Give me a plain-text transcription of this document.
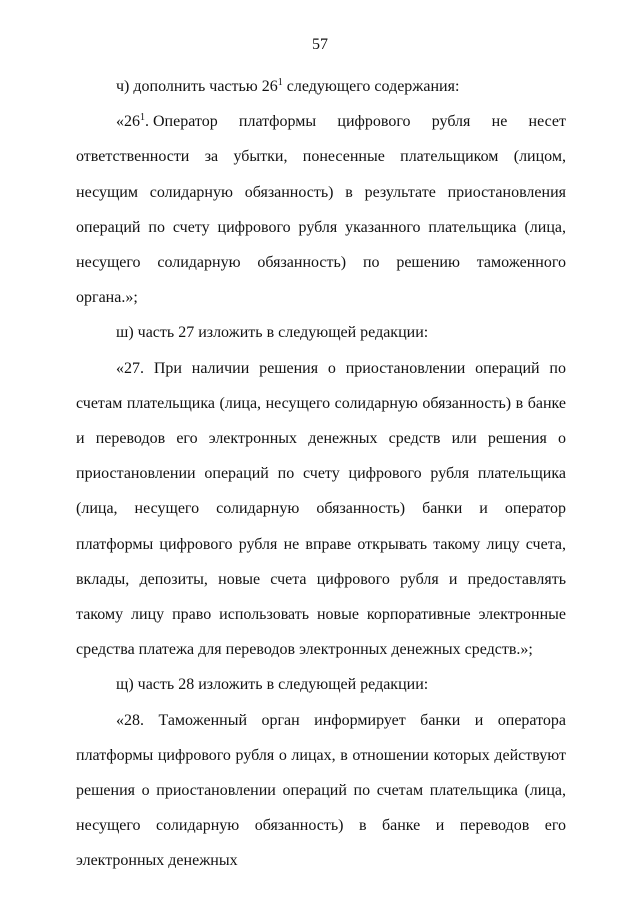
57

ч) дополнить частью $26^1$ следующего содержания:

«$26^1$. Оператор платформы цифрового рубля не несет

ответственности за убытки, понесенные плательщиком (лицом, несущим солидарную обязанность) в результате приостановления операций по счету цифрового рубля указанного плательщика (лица, несущего солидарную обязанность) по решению таможенного органа.»;

ш) часть 27 изложить в следующей редакции:

«27. При наличии решения о приостановлении операций по счетам плательщика (лица, несущего солидарную обязанность) в банке и переводов его электронных денежных средств или решения о приостановлении операций по счету цифрового рубля плательщика (лица, несущего солидарную обязанность) банки и оператор платформы цифрового рубля не вправе открывать такому лицу счета, вклады, депозиты, новые счета цифрового рубля и предоставлять такому лицу право использовать новые корпоративные электронные средства платежа для переводов электронных денежных средств.»;

щ) часть 28 изложить в следующей редакции:

«28. Таможенный орган информирует банки и оператора платформы цифрового рубля о лицах, в отношении которых действуют решения о приостановлении операций по счетам плательщика (лица, несущего солидарную обязанность) в банке и переводов его электронных денежных
